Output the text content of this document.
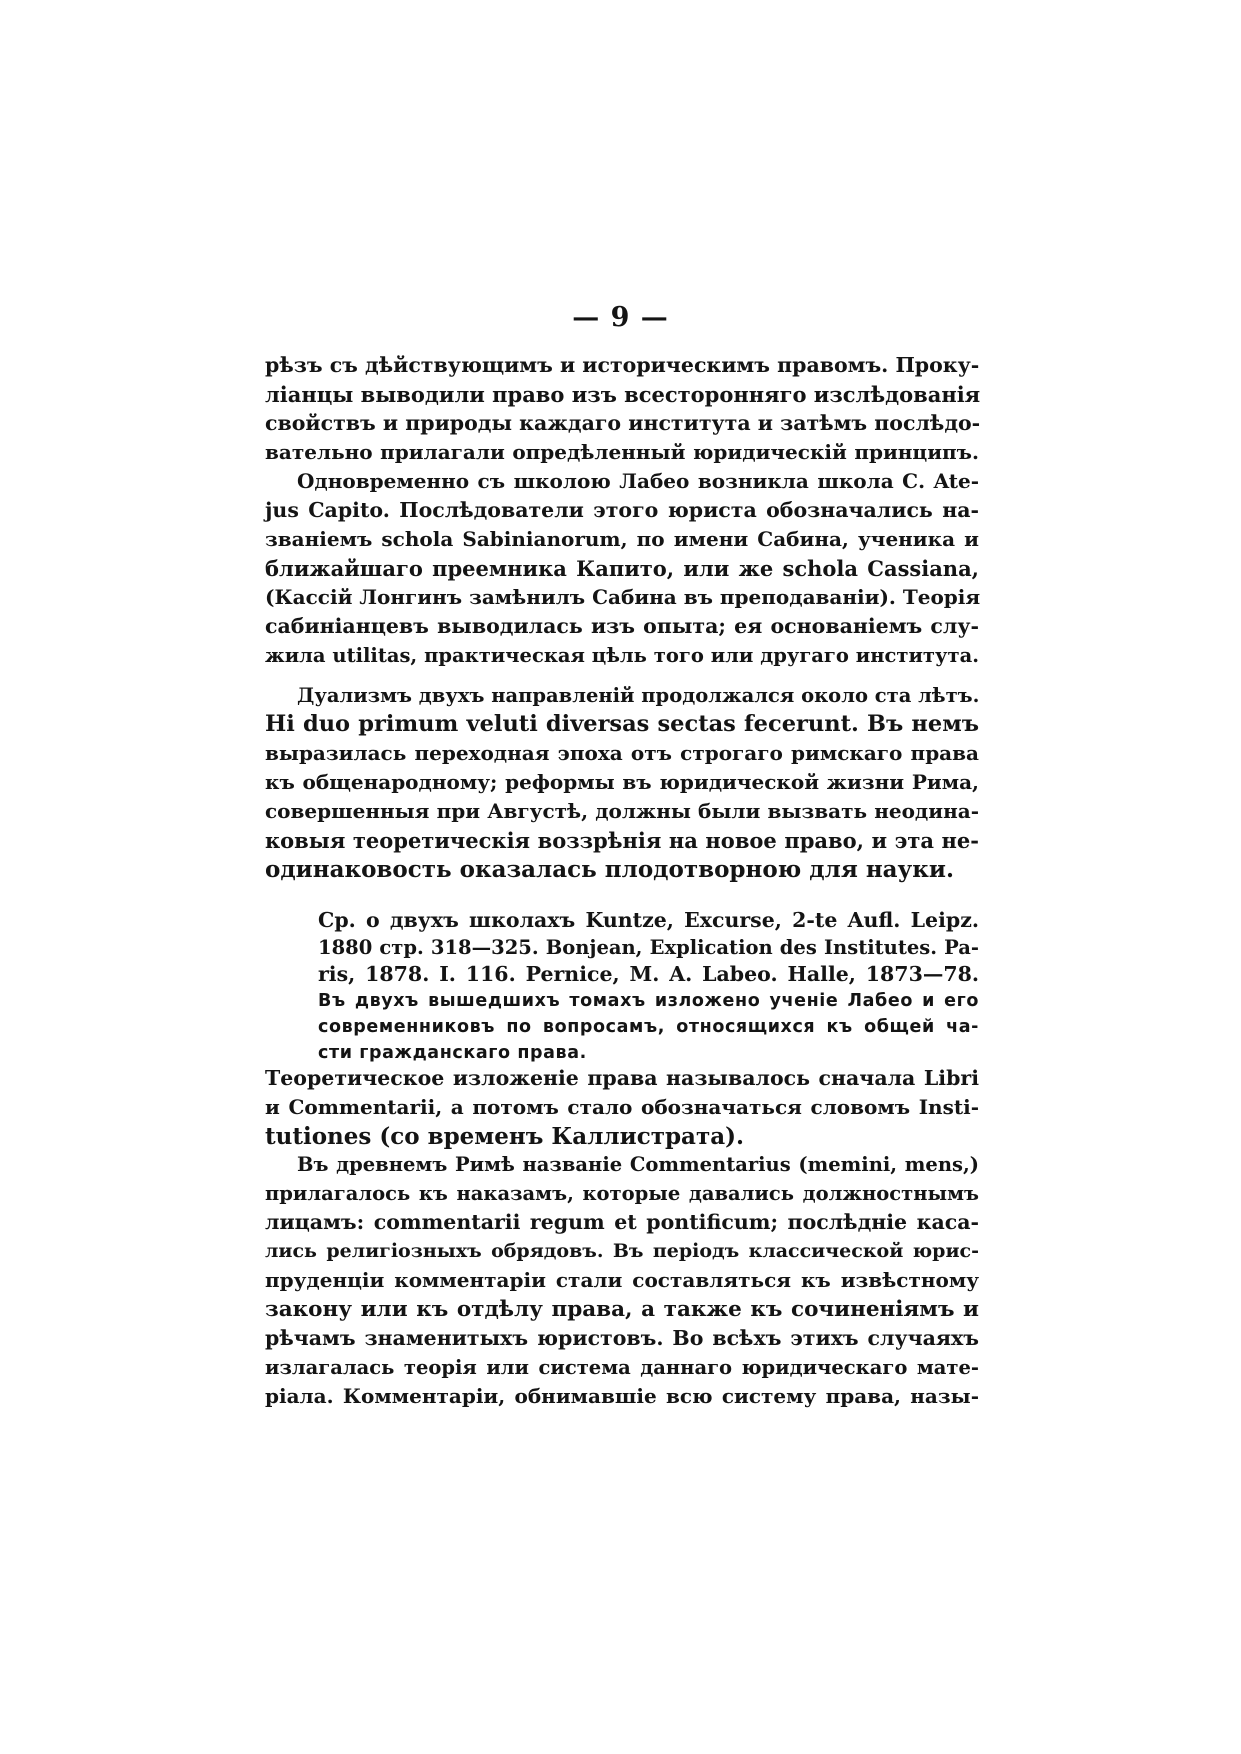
— 9 —
рѣзъ съ дѣйствующимъ и историческимъ правомъ. Проку-
ліанцы выводили право изъ всесторонняго изслѣдованія
свойствъ и природы каждаго института и затѣмъ послѣдо-
вательно прилагали опредѣленный юридическій принципъ.
Одновременно съ школою Лабео возникла школа С. Ate-
jus Capito. Послѣдователи этого юриста обозначались на-
званіемъ schola Sabinianorum, по имени Сабина, ученика и
ближайшаго преемника Капито, или же schola Cassiana,
(Кассій Лонгинъ замѣнилъ Сабина въ преподаваніи). Теорія
сабиніанцевъ выводилась изъ опыта; ея основаніемъ слу-
жила utilitas, практическая цѣль того или другаго института.
Дуализмъ двухъ направленій продолжался около ста лѣтъ.
Hi duo primum veluti diversas sectas fecerunt. Въ немъ
выразилась переходная эпоха отъ строгаго римскаго права
къ общенародному; реформы въ юридической жизни Рима,
совершенныя при Августѣ, должны были вызвать неодина-
ковыя теоретическія воззрѣнія на новое право, и эта не-
одинаковость оказалась плодотворною для науки.
Ср. о двухъ школахъ Kuntze, Excurse, 2-te Aufl. Leipz.
1880 стр. 318—325. Bonjean, Explication des Institutes. Pa-
ris, 1878. I. 116. Pernice, M. A. Labeo. Halle, 1873—78.
Въ двухъ вышедшихъ томахъ изложено ученіе Лабео и его
современниковъ по вопросамъ, относящихся къ общей ча-
сти гражданскаго права.
Теоретическое изложеніе права называлось сначала Libri
и Commentarii, а потомъ стало обозначаться словомъ Insti-
tutiones (со временъ Каллистрата).
Въ древнемъ Римѣ названіе Commentarius (memini, mens,)
прилагалось къ наказамъ, которые давались должностнымъ
лицамъ: commentarii regum et pontificum; послѣдніе каса-
лись религіозныхъ обрядовъ. Въ періодъ классической юрис-
пруденціи комментаріи стали составляться къ извѣстному
закону или къ отдѣлу права, а также къ сочиненіямъ и
рѣчамъ знаменитыхъ юристовъ. Во всѣхъ этихъ случаяхъ
излагалась теорія или система даннаго юридическаго мате-
ріала. Комментаріи, обнимавшіе всю систему права, назы-
